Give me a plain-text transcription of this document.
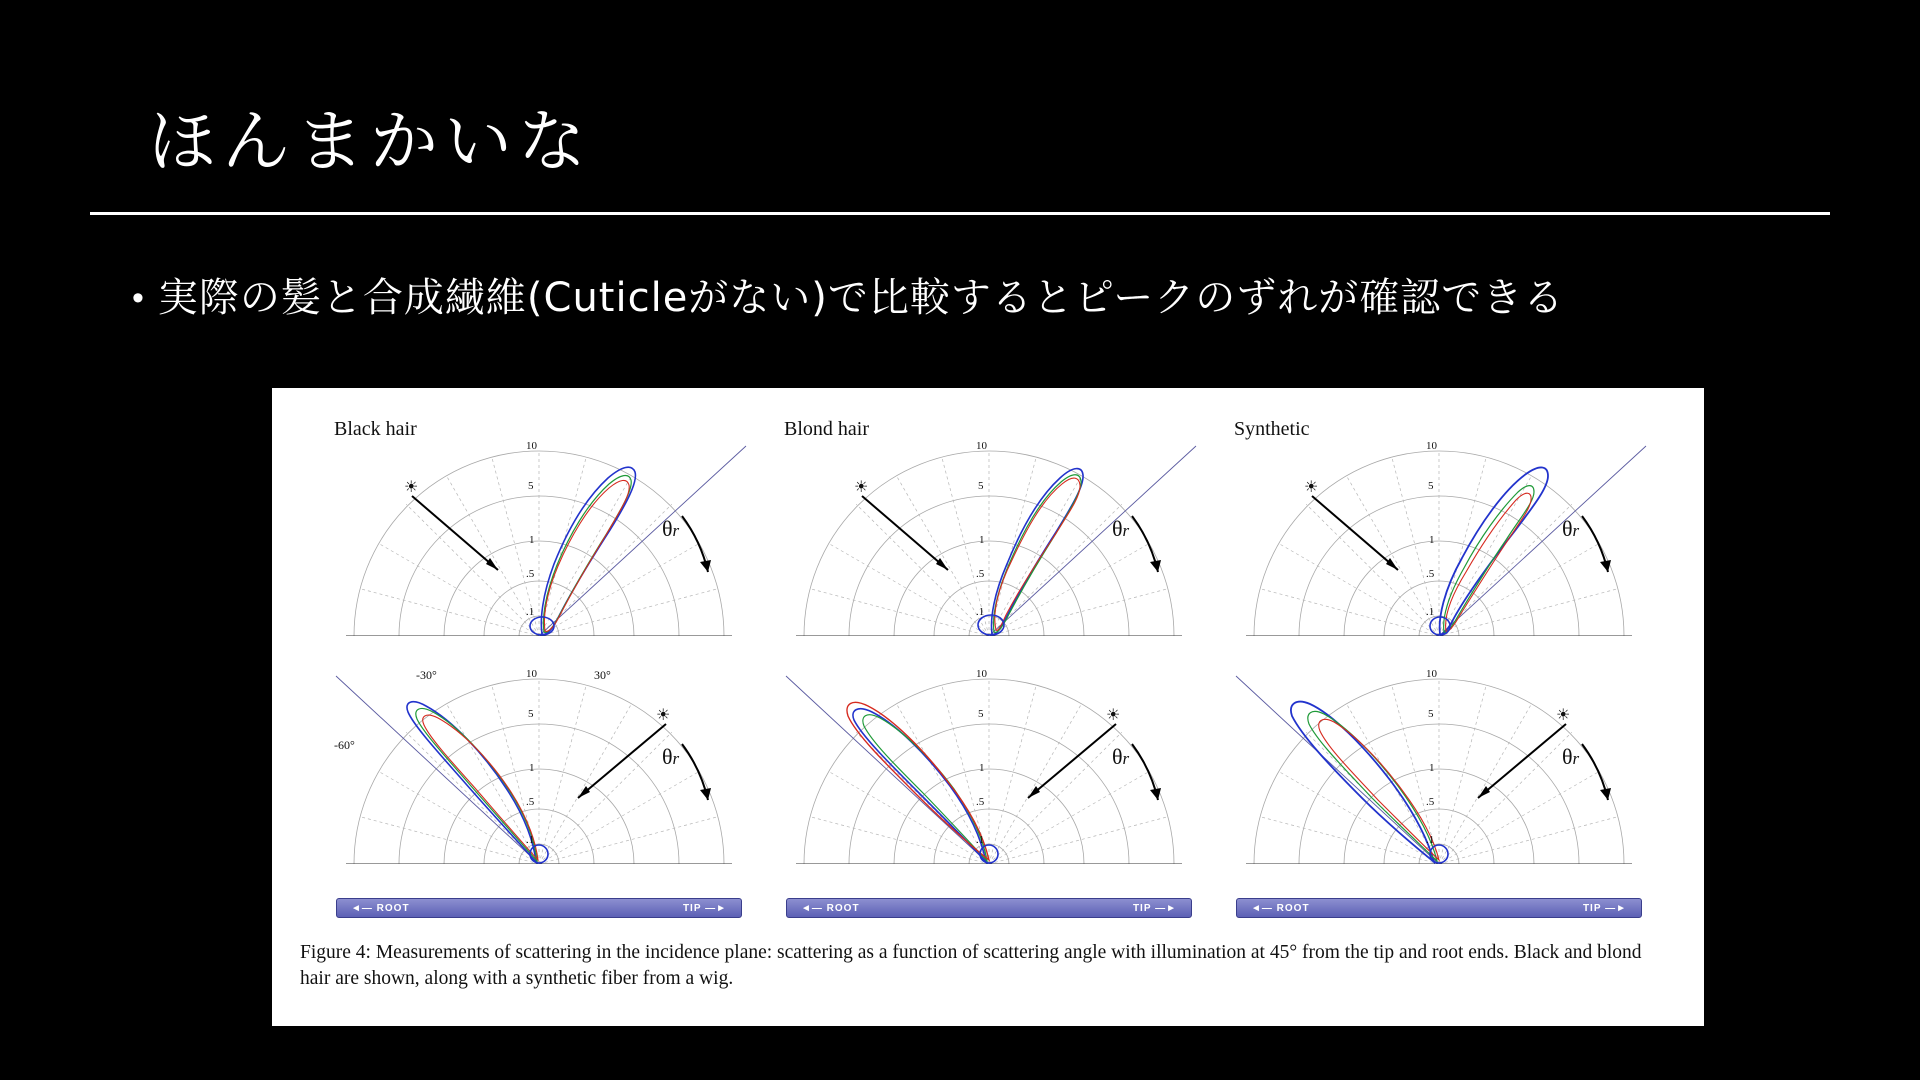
ほんまかいな
• 実際の髪と合成繊維(Cuticleがない)で比較するとピークのずれが確認できる
Black hair
☀
10
5
1
.5
.1
θr
☀
10
5
1
.5
.1
-30°	30°
-60°	θr
◄— ROOT	TIP —►
Blond hair
☀
10
5
1
.5
.1
θr
☀
10
5
1
.5
.1
θr
◄— ROOT	TIP —►
Synthetic
☀
10
5
1
.5
.1
θr
☀
10
5
1
.5
.1
θr
◄— ROOT	TIP —►
Figure 4: Measurements of scattering in the incidence plane: scattering as a function of scattering angle with illumination at 45° from the tip and root ends. Black and blond hair are shown, along with a synthetic fiber from a wig.
